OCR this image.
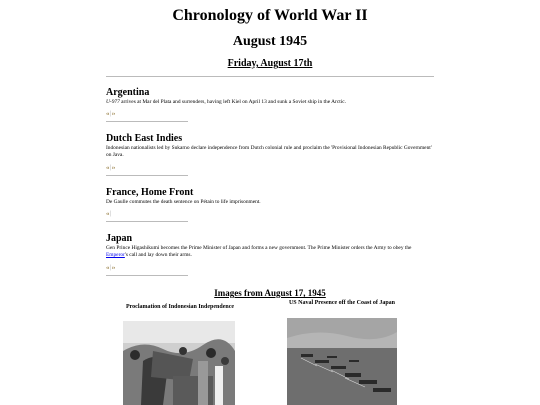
Chronology of World War II
August 1945
Friday, August 17th
Argentina

U-977 arrives at Mar del Plata and surrenders, having left Kiel on April 13 and sunk a Soviet ship in the Arctic.

‹‹ | ››
Dutch East Indies

Indonesian nationalists led by Sukarno declare independence from Dutch colonial rule and proclaim the 'Provisional Indonesian Republic Government' on Java.

‹‹ | ››
France, Home Front

De Gaulle commutes the death sentence on Pétain to life imprisonment.

‹‹ |
Japan

Gen Prince Higashikumi becomes the Prime Minister of Japan and forms a new government. The Prime Minister orders the Army to obey the Emperor's call and lay down their arms.

‹‹ | ››
Images from August 17, 1945
Proclamation of Indonesian Independence
US Naval Presence off the Coast of Japan
